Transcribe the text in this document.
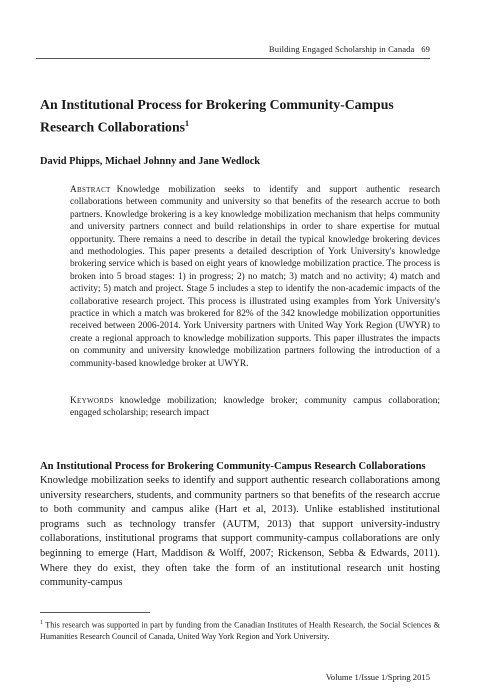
Building Engaged Scholarship in Canada 69
An Institutional Process for Brokering Community-Campus Research Collaborations$^1$
David Phipps, Michael Johnny and Jane Wedlock
Abstract Knowledge mobilization seeks to identify and support authentic research collaborations between community and university so that benefits of the research accrue to both partners. Knowledge brokering is a key knowledge mobilization mechanism that helps community and university partners connect and build relationships in order to share expertise for mutual opportunity. There remains a need to describe in detail the typical knowledge brokering devices and methodologies. This paper presents a detailed description of York University's knowledge brokering service which is based on eight years of knowledge mobilization practice. The process is broken into 5 broad stages: 1) in progress; 2) no match; 3) match and no activity; 4) match and activity; 5) match and project. Stage 5 includes a step to identify the non-academic impacts of the collaborative research project. This process is illustrated using examples from York University's practice in which a match was brokered for 82% of the 342 knowledge mobilization opportunities received between 2006-2014. York University partners with United Way York Region (UWYR) to create a regional approach to knowledge mobilization supports. This paper illustrates the impacts on community and university knowledge mobilization partners following the introduction of a community-based knowledge broker at UWYR.
Keywords knowledge mobilization; knowledge broker; community campus collaboration; engaged scholarship; research impact

An Institutional Process for Brokering Community-Campus Research Collaborations

Knowledge mobilization seeks to identify and support authentic research collaborations among university researchers, students, and community partners so that benefits of the research accrue to both community and campus alike (Hart et al, 2013). Unlike established institutional programs such as technology transfer (AUTM, 2013) that support university-industry collaborations, institutional programs that support community-campus collaborations are only beginning to emerge (Hart, Maddison & Wolff, 2007; Rickenson, Sebba & Edwards, 2011). Where they do exist, they often take the form of an institutional research unit hosting community-campus

$^1$ This research was supported in part by funding from the Canadian Institutes of Health Research, the Social Sciences & Humanities Research Council of Canada, United Way York Region and York University.
Volume 1/Issue 1/Spring 2015
